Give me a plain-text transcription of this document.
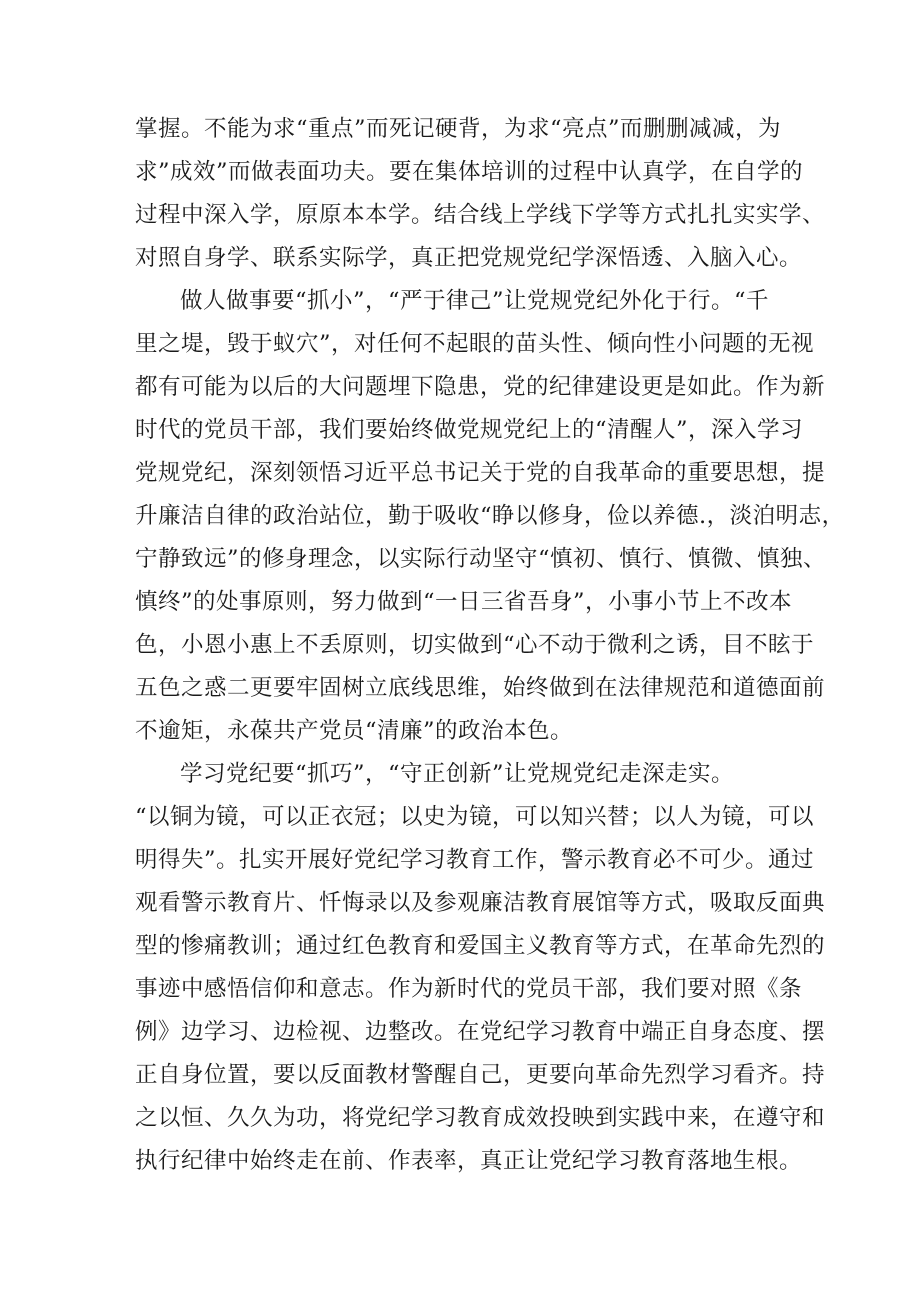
掌握。不能为求“重点”而死记硬背，为求“亮点”而删删减减，为
求”成效”而做表面功夫。要在集体培训的过程中认真学，在自学的
过程中深入学，原原本本学。结合线上学线下学等方式扎扎实实学、
对照自身学、联系实际学，真正把党规党纪学深悟透、入脑入心。
做人做事要“抓小”，“严于律己”让党规党纪外化于行。“千
里之堤，毁于蚁穴”，对任何不起眼的苗头性、倾向性小问题的无视
都有可能为以后的大问题埋下隐患，党的纪律建设更是如此。作为新
时代的党员干部，我们要始终做党规党纪上的“清醒人”，深入学习
党规党纪，深刻领悟习近平总书记关于党的自我革命的重要思想，提
升廉洁自律的政治站位，勤于吸收“睁以修身，俭以养德.，淡泊明志，
宁静致远”的修身理念，以实际行动坚守“慎初、慎行、慎微、慎独、
慎终”的处事原则，努力做到“一日三省吾身”，小事小节上不改本
色，小恩小惠上不丢原则，切实做到“心不动于微利之诱，目不眩于
五色之惑二更要牢固树立底线思维，始终做到在法律规范和道德面前
不逾矩，永葆共产党员“清廉”的政治本色。
学习党纪要“抓巧”，“守正创新”让党规党纪走深走实。
“以铜为镜，可以正衣冠；以史为镜，可以知兴替；以人为镜，可以
明得失”。扎实开展好党纪学习教育工作，警示教育必不可少。通过
观看警示教育片、忏悔录以及参观廉洁教育展馆等方式，吸取反面典
型的惨痛教训；通过红色教育和爱国主义教育等方式，在革命先烈的
事迹中感悟信仰和意志。作为新时代的党员干部，我们要对照《条
例》边学习、边检视、边整改。在党纪学习教育中端正自身态度、摆
正自身位置，要以反面教材警醒自己，更要向革命先烈学习看齐。持
之以恒、久久为功，将党纪学习教育成效投映到实践中来，在遵守和
执行纪律中始终走在前、作表率，真正让党纪学习教育落地生根。
